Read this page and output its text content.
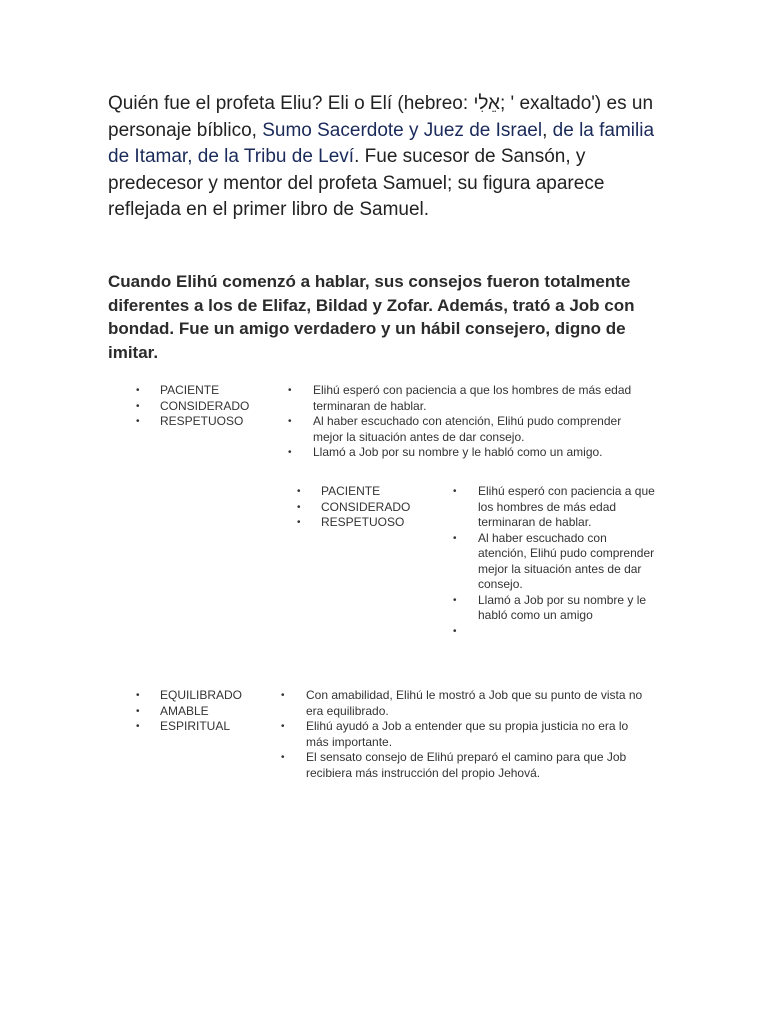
Quién fue el profeta Eliu? Eli o Elí (hebreo: אֵלִי; ' exaltado') es un personaje bíblico, Sumo Sacerdote y Juez de Israel, de la familia de Itamar, de la Tribu de Leví. Fue sucesor de Sansón, y predecesor y mentor del profeta Samuel; su figura aparece reflejada en el primer libro de Samuel.

Cuando Elihú comenzó a hablar, sus consejos fueron totalmente diferentes a los de Elifaz, Bildad y Zofar. Además, trató a Job con bondad. Fue un amigo verdadero y un hábil consejero, digno de imitar.

• PACIENTE
• CONSIDERADO
• RESPETUOSO
• Elihú esperó con paciencia a que los hombres de más edad terminaran de hablar.
• Al haber escuchado con atención, Elihú pudo comprender mejor la situación antes de dar consejo.
• Llamó a Job por su nombre y le habló como un amigo.
• PACIENTE
• CONSIDERADO
• RESPETUOSO
• Elihú esperó con paciencia a que los hombres de más edad terminaran de hablar.
• Al haber escuchado con atención, Elihú pudo comprender mejor la situación antes de dar consejo.
• Llamó a Job por su nombre y le habló como un amigo
•
• EQUILIBRADO
• AMABLE
• ESPIRITUAL
• Con amabilidad, Elihú le mostró a Job que su punto de vista no era equilibrado.
• Elihú ayudó a Job a entender que su propia justicia no era lo más importante.
• El sensato consejo de Elihú preparó el camino para que Job recibiera más instrucción del propio Jehová.
